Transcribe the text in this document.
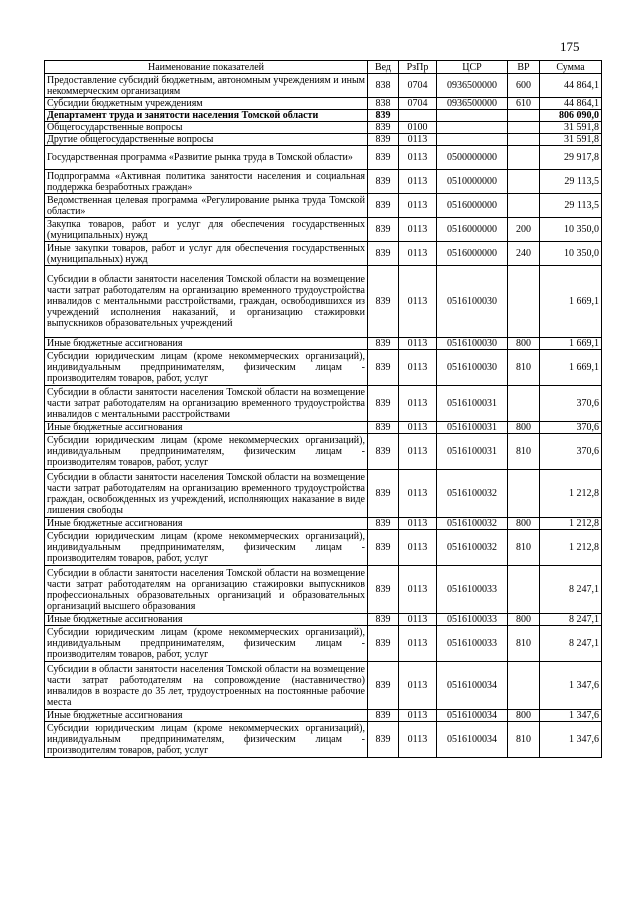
175
Наименование показателей	Вед	РзПр	ЦСР	ВР	Сумма
Предоставление субсидий бюджетным, автономным учреждениям и иным некоммерческим организациям	838	0704	0936500000	600	44 864,1
Субсидии бюджетным учреждениям	838	0704	0936500000	610	44 864,1
Департамент труда и занятости населения Томской области	839				806 090,0
Общегосударственные вопросы	839	0100			31 591,8
Другие общегосударственные вопросы	839	0113			31 591,8
Государственная программа «Развитие рынка труда в Томской области»	839	0113	0500000000		29 917,8
Подпрограмма «Активная политика занятости населения и социальная поддержка безработных граждан»	839	0113	0510000000		29 113,5
Ведомственная целевая программа «Регулирование рынка труда Томской области»	839	0113	0516000000		29 113,5
Закупка товаров, работ и услуг для обеспечения государственных (муниципальных) нужд	839	0113	0516000000	200	10 350,0
Иные закупки товаров, работ и услуг для обеспечения государственных (муниципальных) нужд	839	0113	0516000000	240	10 350,0
Субсидии в области занятости населения Томской области на возмещение части затрат работодателям на организацию временного трудоустройства инвалидов с ментальными расстройствами, граждан, освободившихся из учреждений исполнения наказаний, и организацию стажировки выпускников образовательных учреждений	839	0113	0516100030		1 669,1
Иные бюджетные ассигнования	839	0113	0516100030	800	1 669,1
Субсидии юридическим лицам (кроме некоммерческих организаций), индивидуальным предпринимателям, физическим лицам - производителям товаров, работ, услуг	839	0113	0516100030	810	1 669,1
Субсидии в области занятости населения Томской области на возмещение части затрат работодателям на организацию временного трудоустройства инвалидов с ментальными расстройствами	839	0113	0516100031		370,6
Иные бюджетные ассигнования	839	0113	0516100031	800	370,6
Субсидии юридическим лицам (кроме некоммерческих организаций), индивидуальным предпринимателям, физическим лицам - производителям товаров, работ, услуг	839	0113	0516100031	810	370,6
Субсидии в области занятости населения Томской области на возмещение части затрат работодателям на организацию временного трудоустройства граждан, освобожденных из учреждений, исполняющих наказание в виде лишения свободы	839	0113	0516100032		1 212,8
Иные бюджетные ассигнования	839	0113	0516100032	800	1 212,8
Субсидии юридическим лицам (кроме некоммерческих организаций), индивидуальным предпринимателям, физическим лицам - производителям товаров, работ, услуг	839	0113	0516100032	810	1 212,8
Субсидии в области занятости населения Томской области на возмещение части затрат работодателям на организацию стажировки выпускников профессиональных образовательных организаций и образовательных организаций высшего образования	839	0113	0516100033		8 247,1
Иные бюджетные ассигнования	839	0113	0516100033	800	8 247,1
Субсидии юридическим лицам (кроме некоммерческих организаций), индивидуальным предпринимателям, физическим лицам - производителям товаров, работ, услуг	839	0113	0516100033	810	8 247,1
Субсидии в области занятости населения Томской области на возмещение части затрат работодателям на сопровождение (наставничество) инвалидов в возрасте до 35 лет, трудоустроенных на постоянные рабочие места	839	0113	0516100034		1 347,6
Иные бюджетные ассигнования	839	0113	0516100034	800	1 347,6
Субсидии юридическим лицам (кроме некоммерческих организаций), индивидуальным предпринимателям, физическим лицам - производителям товаров, работ, услуг	839	0113	0516100034	810	1 347,6
